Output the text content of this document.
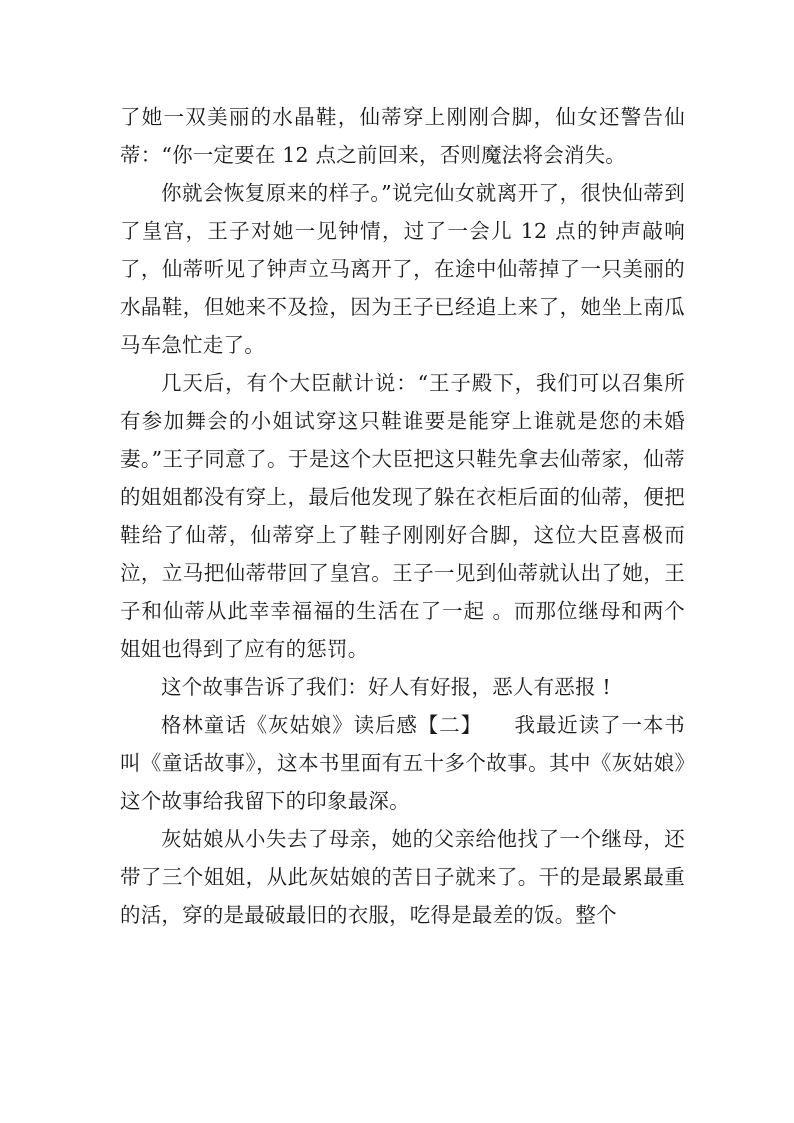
了她一双美丽的水晶鞋，仙蒂穿上刚刚合脚，仙女还警告仙蒂：“你一定要在 12 点之前回来，否则魔法将会消失。

你就会恢复原来的样子。”说完仙女就离开了，很快仙蒂到了皇宫，王子对她一见钟情，过了一会儿 12 点的钟声敲响了，仙蒂听见了钟声立马离开了，在途中仙蒂掉了一只美丽的水晶鞋，但她来不及捡，因为王子已经追上来了，她坐上南瓜马车急忙走了。

几天后，有个大臣献计说：“王子殿下，我们可以召集所有参加舞会的小姐试穿这只鞋谁要是能穿上谁就是您的未婚妻。”王子同意了。于是这个大臣把这只鞋先拿去仙蒂家，仙蒂的姐姐都没有穿上，最后他发现了躲在衣柜后面的仙蒂，便把鞋给了仙蒂，仙蒂穿上了鞋子刚刚好合脚，这位大臣喜极而泣，立马把仙蒂带回了皇宫。王子一见到仙蒂就认出了她，王子和仙蒂从此幸幸福福的生活在了一起 。而那位继母和两个姐姐也得到了应有的惩罚。

这个故事告诉了我们：好人有好报，恶人有恶报 !

格林童话《灰姑娘》读后感【二】　　我最近读了一本书叫《童话故事》，这本书里面有五十多个故事。其中《灰姑娘》这个故事给我留下的印象最深。

灰姑娘从小失去了母亲，她的父亲给他找了一个继母，还带了三个姐姐，从此灰姑娘的苦日子就来了。干的是最累最重的活，穿的是最破最旧的衣服，吃得是最差的饭。整个
